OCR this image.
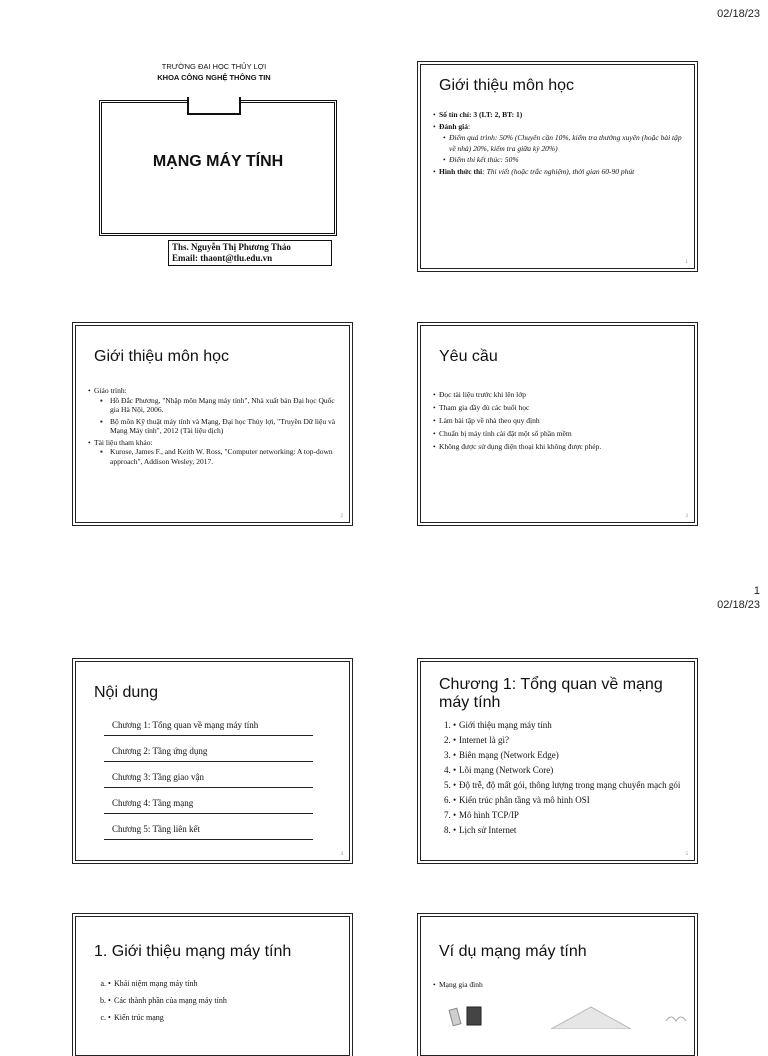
02/18/23
TRƯỜNG ĐẠI HỌC THỦY LỢI
KHOA CÔNG NGHỆ THÔNG TIN
MẠNG MÁY TÍNH
Ths. Nguyễn Thị Phương Thảo
Email: thaont@tlu.edu.vn
Giới thiệu môn học
• Số tín chỉ: 3 (LT: 2, BT: 1)
• Đánh giá:
• Điểm quá trình: 50% (Chuyên cần 10%, kiểm tra thường xuyên (hoặc bài tập về nhà) 20%, kiểm tra giữa kỳ 20%)
• Điểm thi kết thúc: 50%
• Hình thức thi: Thi viết (hoặc trắc nghiệm), thời gian 60-90 phút
1
Giới thiệu môn học
• Giáo trình:
▪ Hồ Đắc Phương, "Nhập môn Mạng máy tính", Nhà xuất bản Đại học Quốc gia Hà Nội, 2006.
▪ Bộ môn Kỹ thuật máy tính và Mạng, Đại học Thủy lợi, "Truyền Dữ liệu và Mạng Máy tính", 2012 (Tài liệu dịch)
• Tài liệu tham khảo:
▪ Kurose, James F., and Keith W. Ross, "Computer networking: A top-down approach", Addison Wesley, 2017.
2
Yêu cầu
• Đọc tài liệu trước khi lên lớp
• Tham gia đầy đủ các buổi học
• Làm bài tập về nhà theo quy định
• Chuẩn bị máy tính cài đặt một số phần mềm
• Không được sử dụng điện thoại khi không được phép.
3
1
02/18/23
Nội dung
Chương 1: Tổng quan về mạng máy tính
Chương 2: Tầng ứng dụng
Chương 3: Tầng giao vận
Chương 4: Tầng mạng
Chương 5: Tầng liên kết
4
Chương 1: Tổng quan về mạng máy tính
• 1. Giới thiệu mạng máy tính
• 2. Internet là gì?
• 3. Biên mạng (Network Edge)
• 4. Lõi mạng (Network Core)
• 5. Độ trễ, độ mất gói, thông lượng trong mạng chuyển mạch gói
• 6. Kiến trúc phân tầng và mô hình OSI
• 7. Mô hình TCP/IP
• 8. Lịch sử Internet
5
1. Giới thiệu mạng máy tính
• a. Khái niệm mạng máy tính
• b. Các thành phần của mạng máy tính
• c. Kiến trúc mạng
Ví dụ mạng máy tính
• Mạng gia đình
